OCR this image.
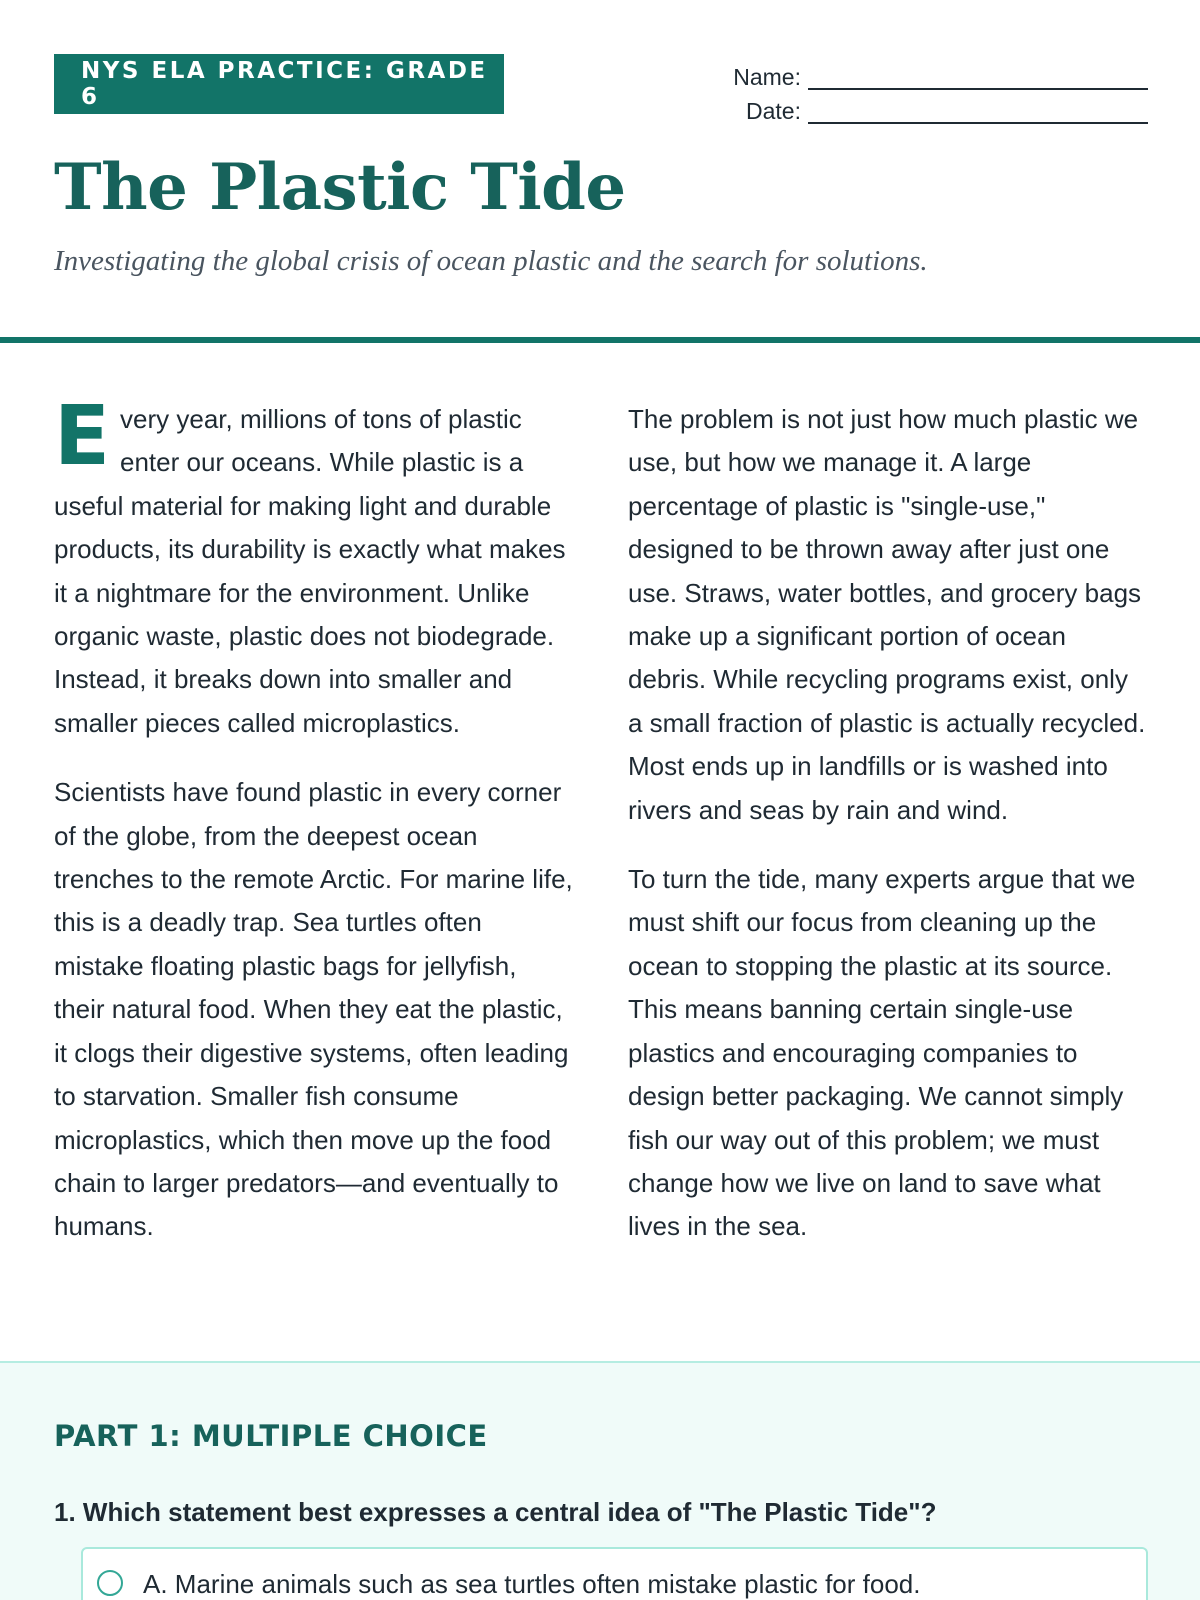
NYS ELA PRACTICE: GRADE 6
Name:
Date:
The Plastic Tide
Investigating the global crisis of ocean plastic and the search for solutions.

Every year, millions of tons of plastic enter our oceans. While plastic is a useful material for making light and durable products, its durability is exactly what makes it a nightmare for the environment. Unlike organic waste, plastic does not biodegrade. Instead, it breaks down into smaller and smaller pieces called microplastics.

Scientists have found plastic in every corner of the globe, from the deepest ocean trenches to the remote Arctic. For marine life, this is a deadly trap. Sea turtles often mistake floating plastic bags for jellyfish, their natural food. When they eat the plastic, it clogs their digestive systems, often leading to starvation. Smaller fish consume microplastics, which then move up the food chain to larger predators—and eventually to humans.

The problem is not just how much plastic we use, but how we manage it. A large percentage of plastic is "single-use," designed to be thrown away after just one use. Straws, water bottles, and grocery bags make up a significant portion of ocean debris. While recycling programs exist, only a small fraction of plastic is actually recycled. Most ends up in landfills or is washed into rivers and seas by rain and wind.

To turn the tide, many experts argue that we must shift our focus from cleaning up the ocean to stopping the plastic at its source. This means banning certain single-use plastics and encouraging companies to design better packaging. We cannot simply fish our way out of this problem; we must change how we live on land to save what lives in the sea.

PART 1: MULTIPLE CHOICE
1. Which statement best expresses a central idea of "The Plastic Tide"?
A. Marine animals such as sea turtles often mistake plastic for food.
